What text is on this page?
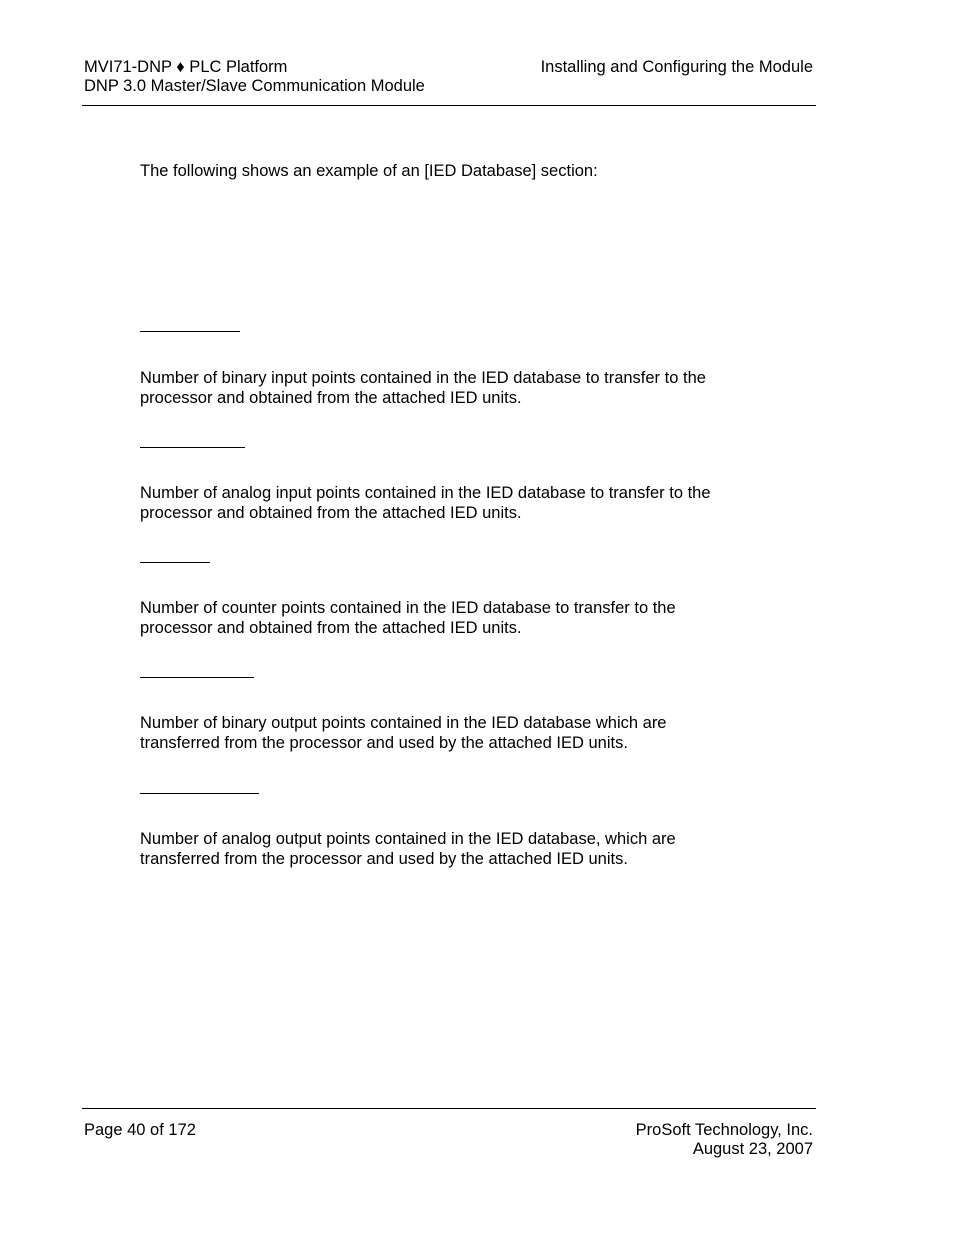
MVI71-DNP ♦ PLC Platform
DNP 3.0 Master/Slave Communication Module
Installing and Configuring the Module
The following shows an example of an [IED Database] section:
Number of binary input points contained in the IED database to transfer to the
processor and obtained from the attached IED units.
Number of analog input points contained in the IED database to transfer to the
processor and obtained from the attached IED units.
Number of counter points contained in the IED database to transfer to the
processor and obtained from the attached IED units.
Number of binary output points contained in the IED database which are
transferred from the processor and used by the attached IED units.
Number of analog output points contained in the IED database, which are
transferred from the processor and used by the attached IED units.
Page 40 of 172	ProSoft Technology, Inc.
August 23, 2007
